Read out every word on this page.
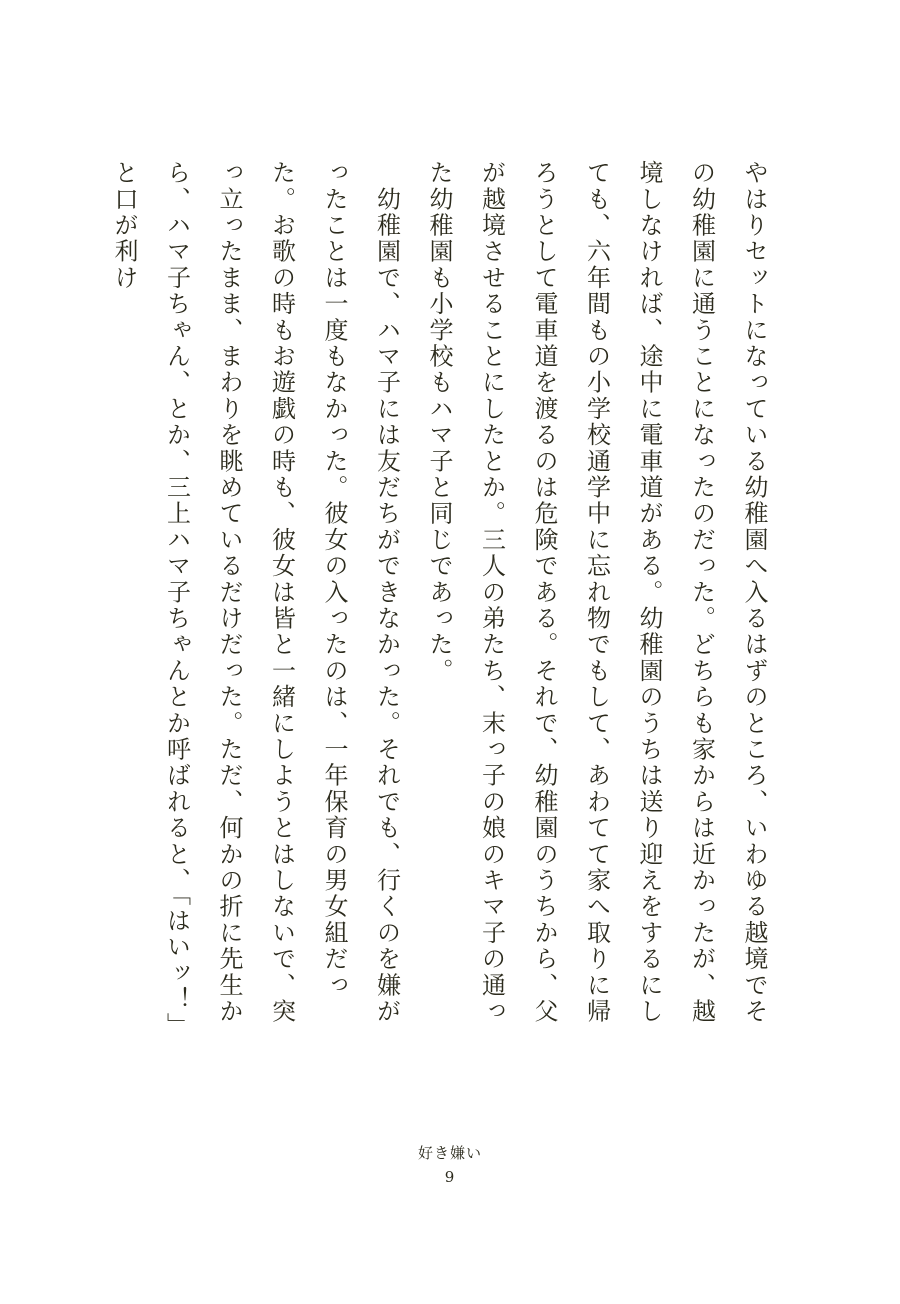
やはりセットになっている幼稚園へ入るはずのところ、いわゆる越境でその幼稚園に通うことになったのだった。どちらも家からは近かったが、越境しなければ、途中に電車道がある。幼稚園のうちは送り迎えをするにしても、六年間もの小学校通学中に忘れ物でもして、あわてて家へ取りに帰ろうとして電車道を渡るのは危険である。それで、幼稚園のうちから、父が越境させることにしたとか。三人の弟たち、末っ子の娘のキマ子の通った幼稚園も小学校もハマ子と同じであった。

　幼稚園で、ハマ子には友だちができなかった。それでも、行くのを嫌がったことは一度もなかった。彼女の入ったのは、一年保育の男女組だった。お歌の時もお遊戯の時も、彼女は皆と一緒にしようとはしないで、突っ立ったまま、まわりを眺めているだけだった。ただ、何かの折に先生から、ハマ子ちゃん、とか、三上ハマ子ちゃんとか呼ばれると、「はいッ！」と口が利け

好き嫌い
9
